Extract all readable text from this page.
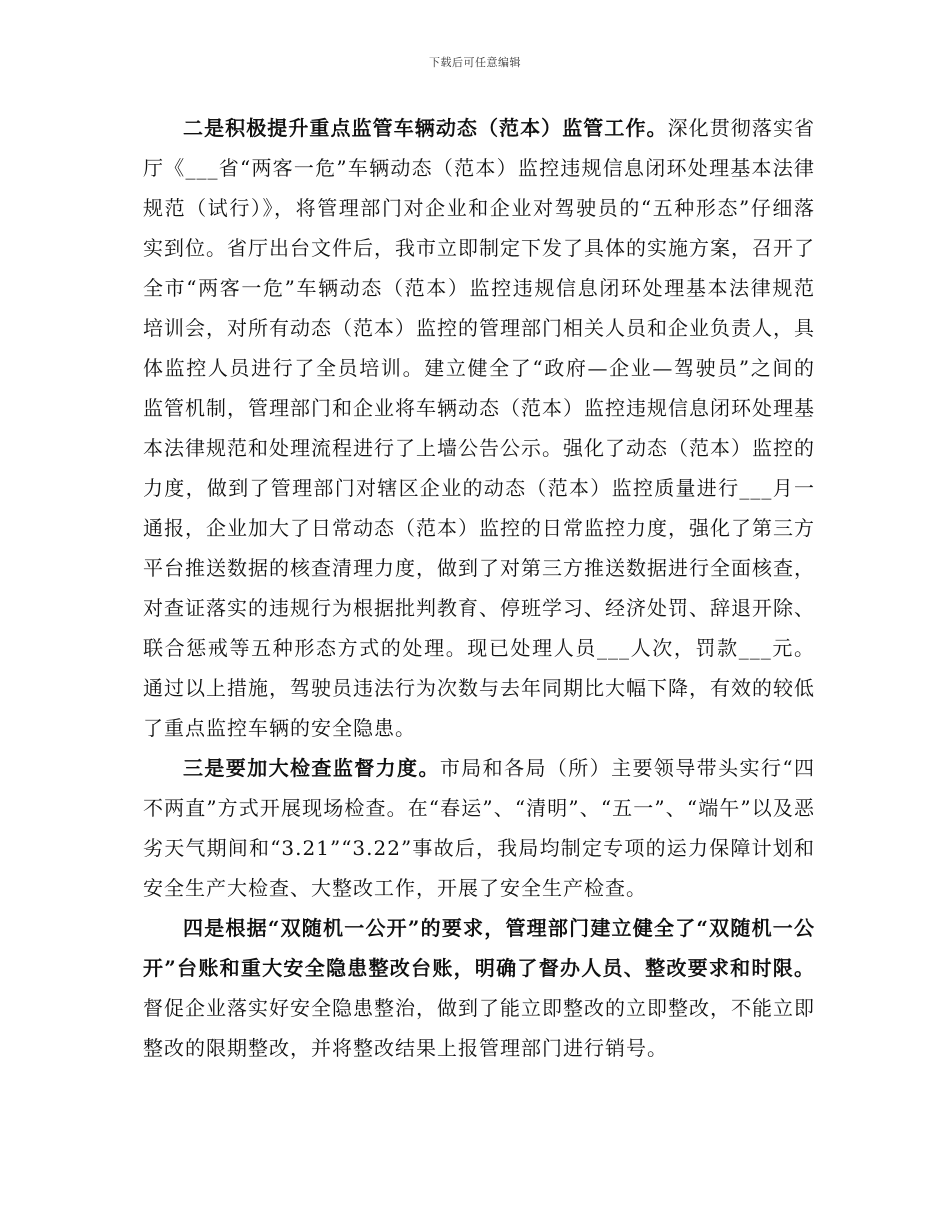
下载后可任意编辑

二是积极提升重点监管车辆动态（范本）监管工作。深化贯彻落实省厅《___省“两客一危”车辆动态（范本）监控违规信息闭环处理基本法律规范（试行）》，将管理部门对企业和企业对驾驶员的“五种形态”仔细落实到位。省厅出台文件后，我市立即制定下发了具体的实施方案，召开了全市“两客一危”车辆动态（范本）监控违规信息闭环处理基本法律规范培训会，对所有动态（范本）监控的管理部门相关人员和企业负责人，具体监控人员进行了全员培训。建立健全了“政府—企业—驾驶员”之间的监管机制，管理部门和企业将车辆动态（范本）监控违规信息闭环处理基本法律规范和处理流程进行了上墙公告公示。强化了动态（范本）监控的力度，做到了管理部门对辖区企业的动态（范本）监控质量进行___月一通报，企业加大了日常动态（范本）监控的日常监控力度，强化了第三方平台推送数据的核查清理力度，做到了对第三方推送数据进行全面核查，对查证落实的违规行为根据批判教育、停班学习、经济处罚、辞退开除、联合惩戒等五种形态方式的处理。现已处理人员___人次，罚款___元。通过以上措施，驾驶员违法行为次数与去年同期比大幅下降，有效的较低了重点监控车辆的安全隐患。

三是要加大检查监督力度。市局和各局（所）主要领导带头实行“四不两直”方式开展现场检查。在“春运”、“清明”、“五一”、“端午”以及恶劣天气期间和“3.21”“3.22”事故后，我局均制定专项的运力保障计划和安全生产大检查、大整改工作，开展了安全生产检查。

四是根据“双随机一公开”的要求，管理部门建立健全了“双随机一公开”台账和重大安全隐患整改台账，明确了督办人员、整改要求和时限。督促企业落实好安全隐患整治，做到了能立即整改的立即整改，不能立即整改的限期整改，并将整改结果上报管理部门进行销号。
